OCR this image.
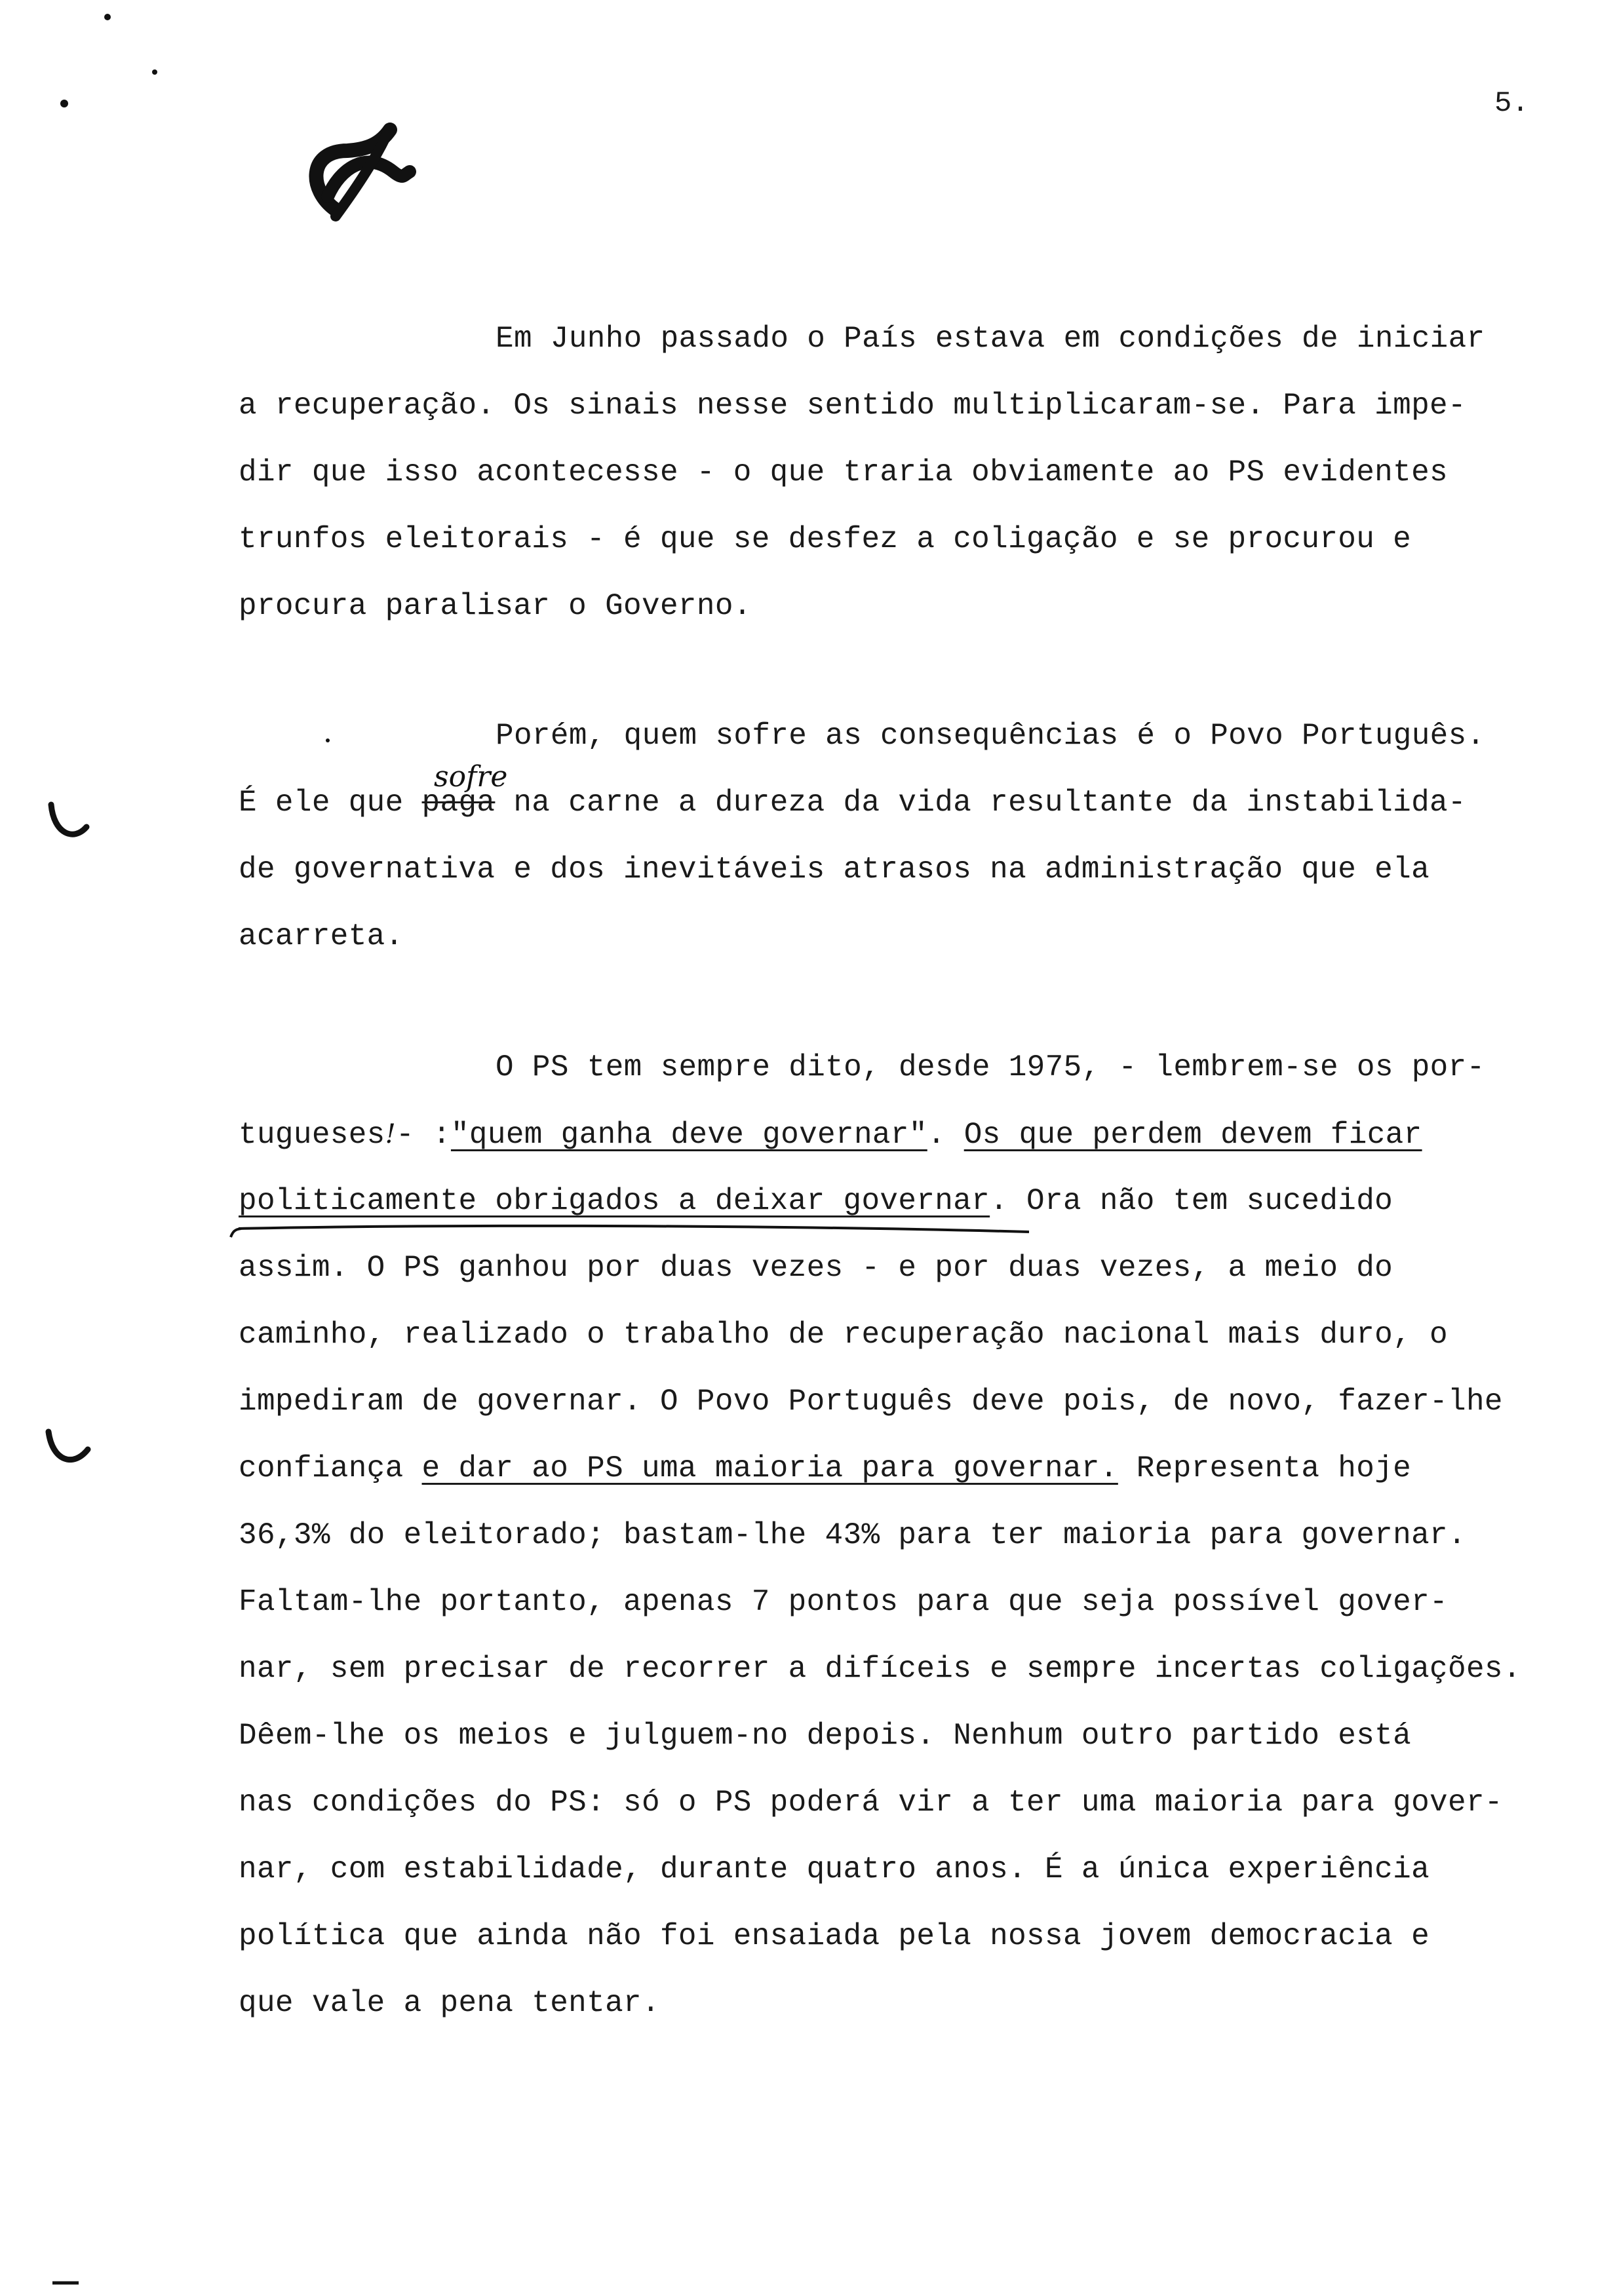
5.
Em Junho passado o País estava em condições de iniciar
a recuperação. Os sinais nesse sentido multiplicaram-se. Para impe-
dir que isso acontecesse - o que traria obviamente ao PS evidentes
trunfos eleitorais - é que se desfez a coligação e se procurou e
procura paralisar o Governo.
Porém, quem sofre as consequências é o Povo Português.
É ele que paga na carne a dureza da vida resultante da instabilida-
de governativa e dos inevitáveis atrasos na administração que ela
acarreta.
sofre
O PS tem sempre dito, desde 1975, - lembrem-se os por-
tugueses!- :"quem ganha deve governar". Os que perdem devem ficar
politicamente obrigados a deixar governar. Ora não tem sucedido
assim. O PS ganhou por duas vezes - e por duas vezes, a meio do
caminho, realizado o trabalho de recuperação nacional mais duro, o
impediram de governar. O Povo Português deve pois, de novo, fazer-lhe
confiança e dar ao PS uma maioria para governar. Representa hoje
36,3% do eleitorado; bastam-lhe 43% para ter maioria para governar.
Faltam-lhe portanto, apenas 7 pontos para que seja possível gover-
nar, sem precisar de recorrer a difíceis e sempre incertas coligações.
Dêem-lhe os meios e julguem-no depois. Nenhum outro partido está
nas condições do PS: só o PS poderá vir a ter uma maioria para gover-
nar, com estabilidade, durante quatro anos. É a única experiência
política que ainda não foi ensaiada pela nossa jovem democracia e
que vale a pena tentar.
